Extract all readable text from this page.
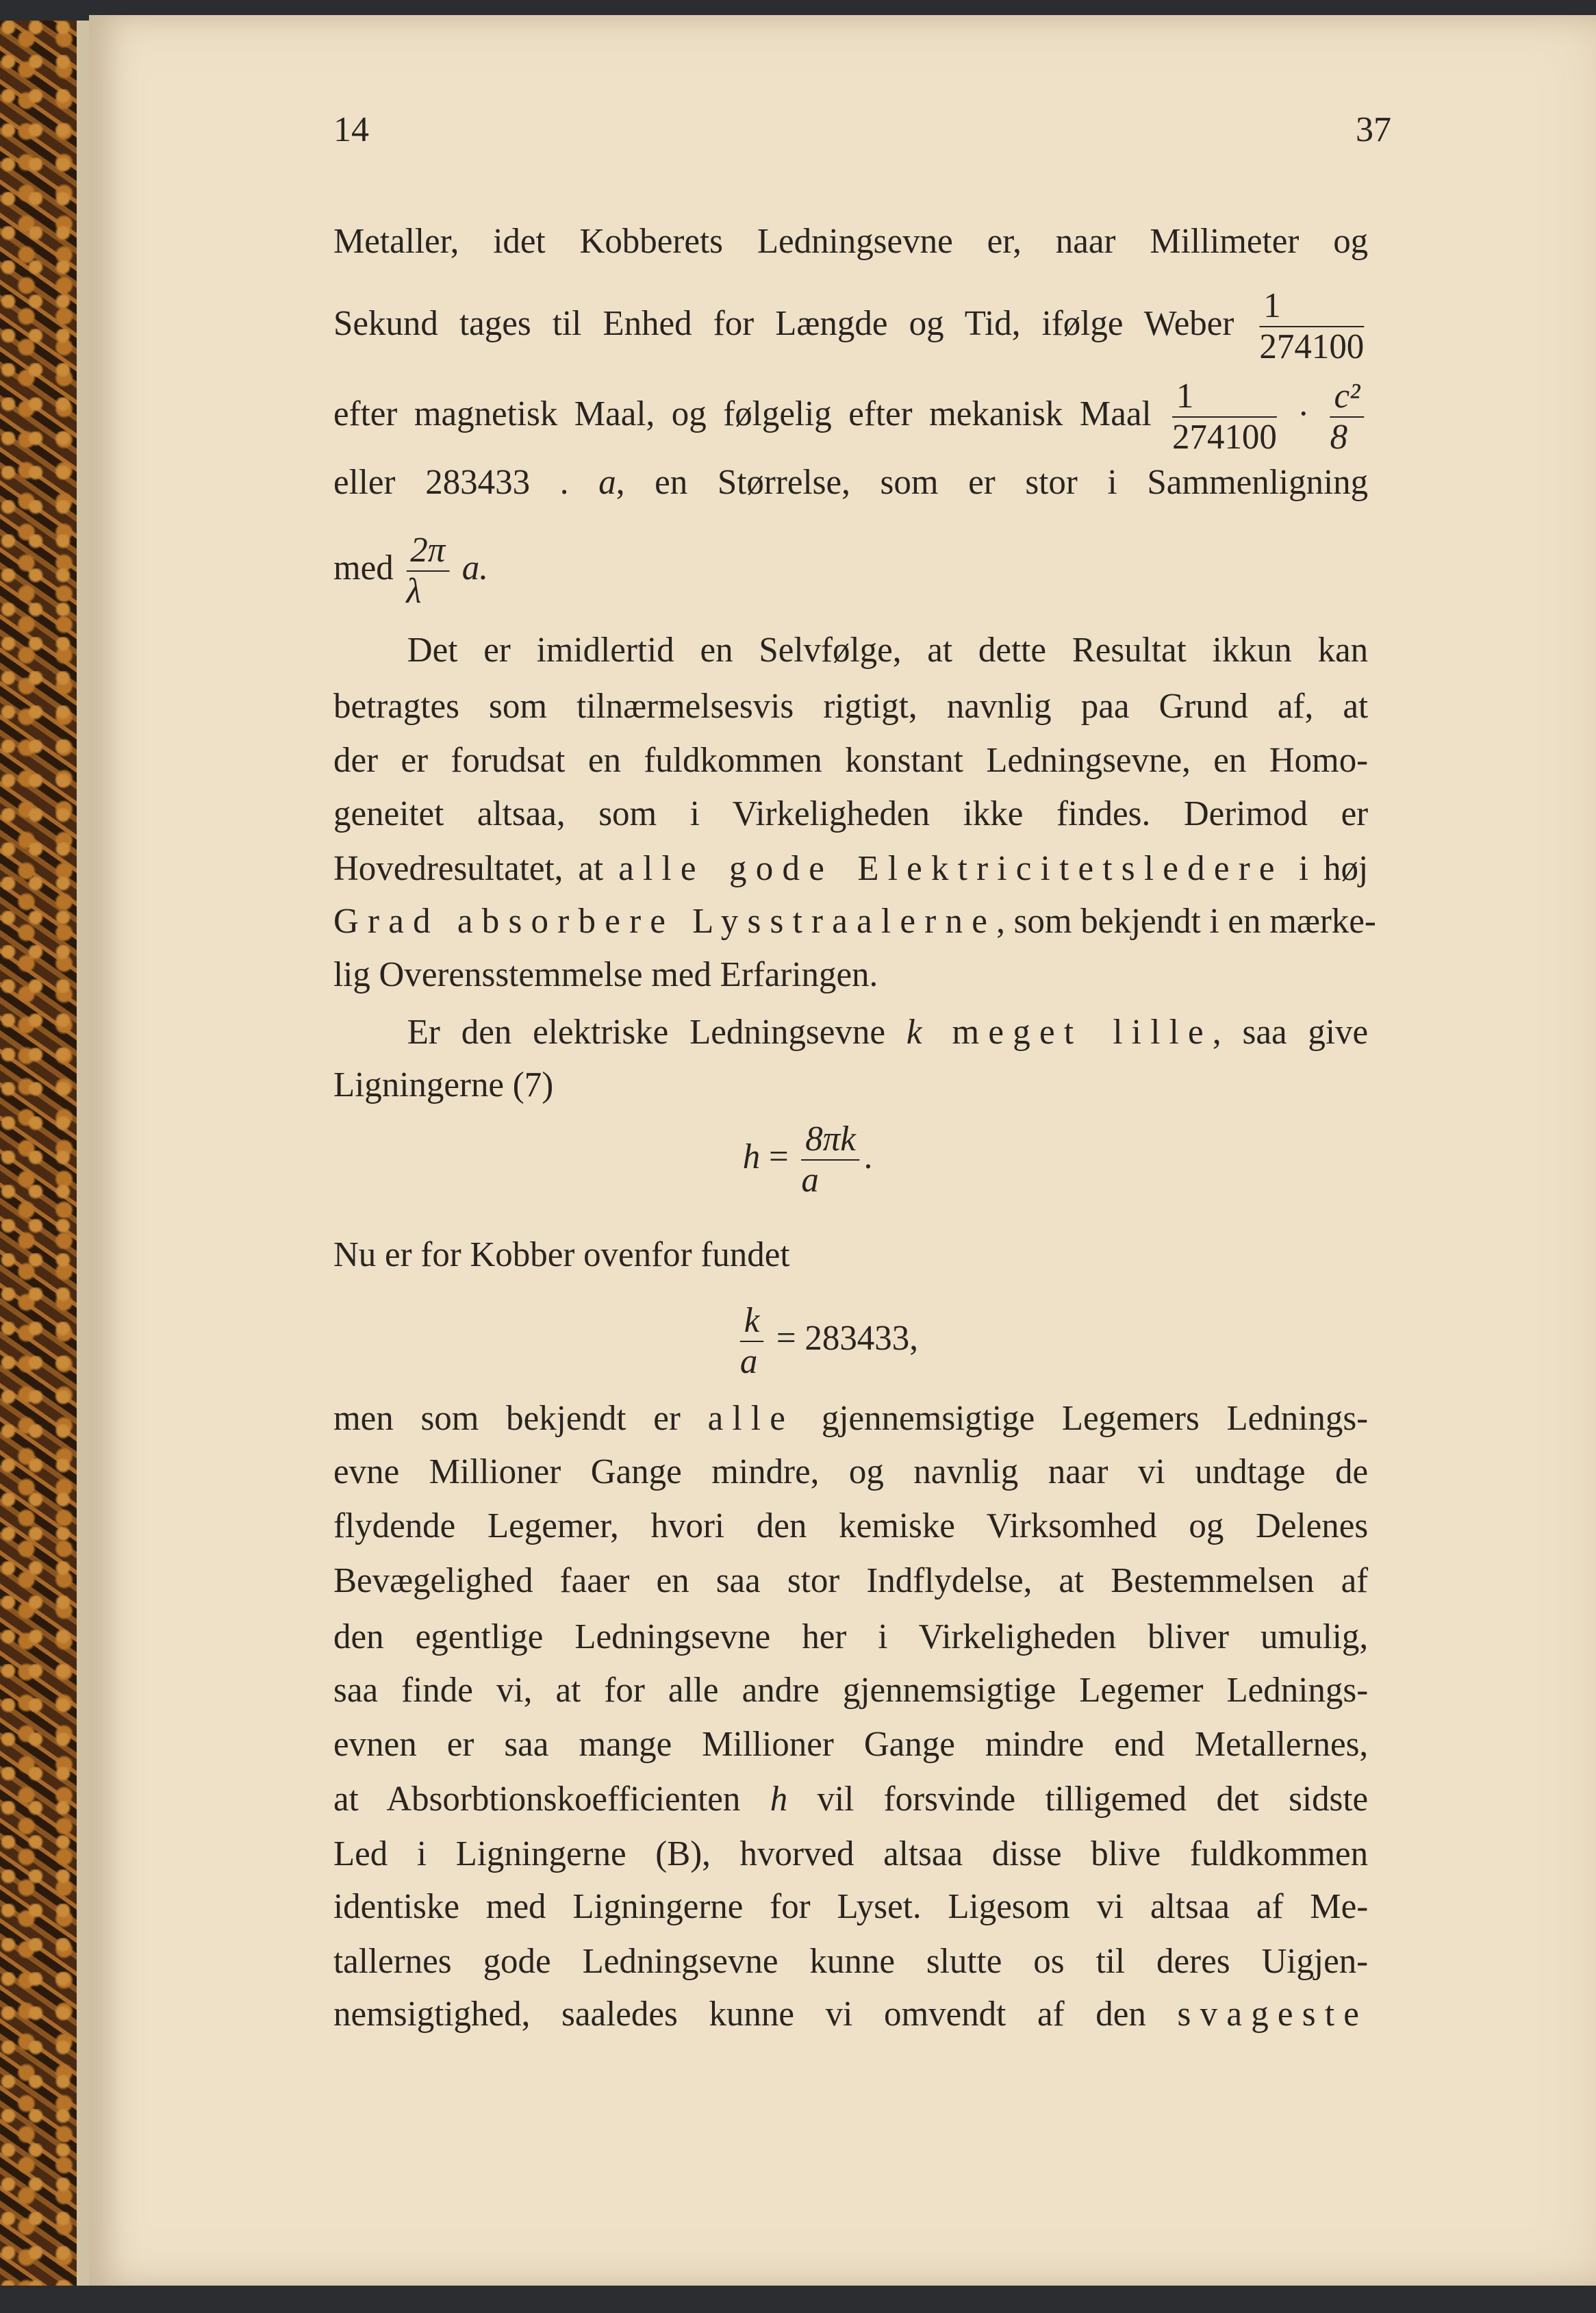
14	37
Metaller, idet Kobberets Ledningsevne er, naar Millimeter og
Sekund tages til Enhed for Længde og Tid, ifølge Weber $\frac{1}{274100}$
efter magnetisk Maal, og følgelig efter mekanisk Maal $\frac{1}{274100} \cdot \frac{\text{c²}}{8}$
eller 283433 . a, en Størrelse, som er stor i Sammenligning
med $\frac{2\pi}{\lambda} a$.
Det er imidlertid en Selvfølge, at dette Resultat ikkun kan
betragtes som tilnærmelsesvis rigtigt, navnlig paa Grund af, at
der er forudsat en fuldkommen konstant Ledningsevne, en Homo-
geneitet altsaa, som i Virkeligheden ikke findes. Derimod er
Hovedresultatet, at alle gode Elektricitetsledere i høj
Grad absorbere Lysstraalerne, som bekjendt i en mærke-
lig Overensstemmelse med Erfaringen.
Er den elektriske Ledningsevne k meget lille, saa give
Ligningerne (7)
$h = \frac{8\pi k}{a}$ .
Nu er for Kobber ovenfor fundet
$\frac{k}{a} = 283433$,
men som bekjendt er alle gjennemsigtige Legemers Lednings-
evne Millioner Gange mindre, og navnlig naar vi undtage de
flydende Legemer, hvori den kemiske Virksomhed og Delenes
Bevægelighed faaer en saa stor Indflydelse, at Bestemmelsen af
den egentlige Ledningsevne her i Virkeligheden bliver umulig,
saa finde vi, at for alle andre gjennemsigtige Legemer Lednings-
evnen er saa mange Millioner Gange mindre end Metallernes,
at Absorbtionskoefficienten h vil forsvinde tilligemed det sidste
Led i Ligningerne (B), hvorved altsaa disse blive fuldkommen
identiske med Ligningerne for Lyset. Ligesom vi altsaa af Me-
tallernes gode Ledningsevne kunne slutte os til deres Uigjen-
nemsigtighed, saaledes kunne vi omvendt af den svageste
